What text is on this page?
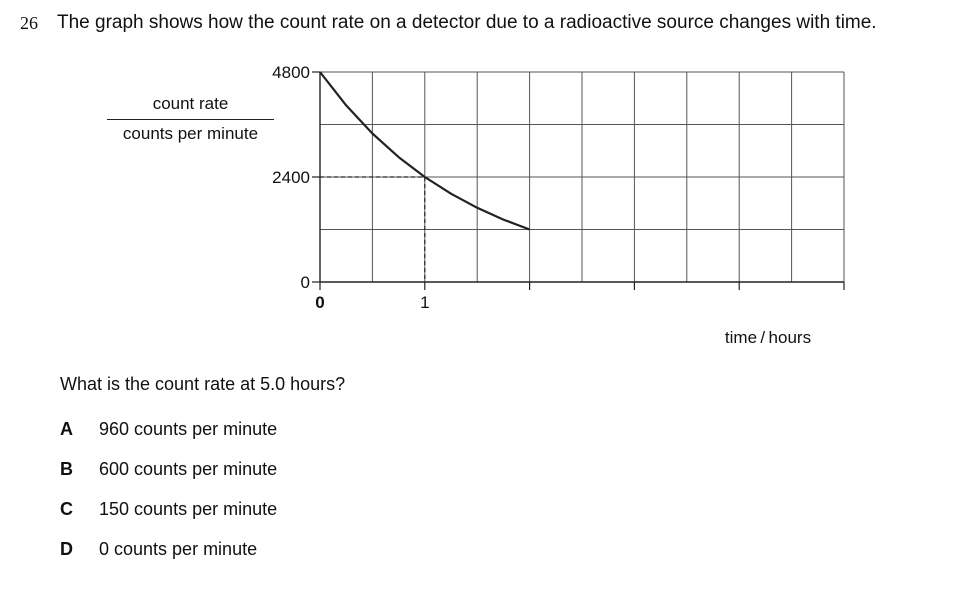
26 The graph shows how the count rate on a detector due to a radioactive source changes with time.
count rate
counts per minute
0
2400
4800
0	1
time / hours
What is the count rate at 5.0 hours?
A 960 counts per minute
B 600 counts per minute
C 150 counts per minute
D 0 counts per minute
